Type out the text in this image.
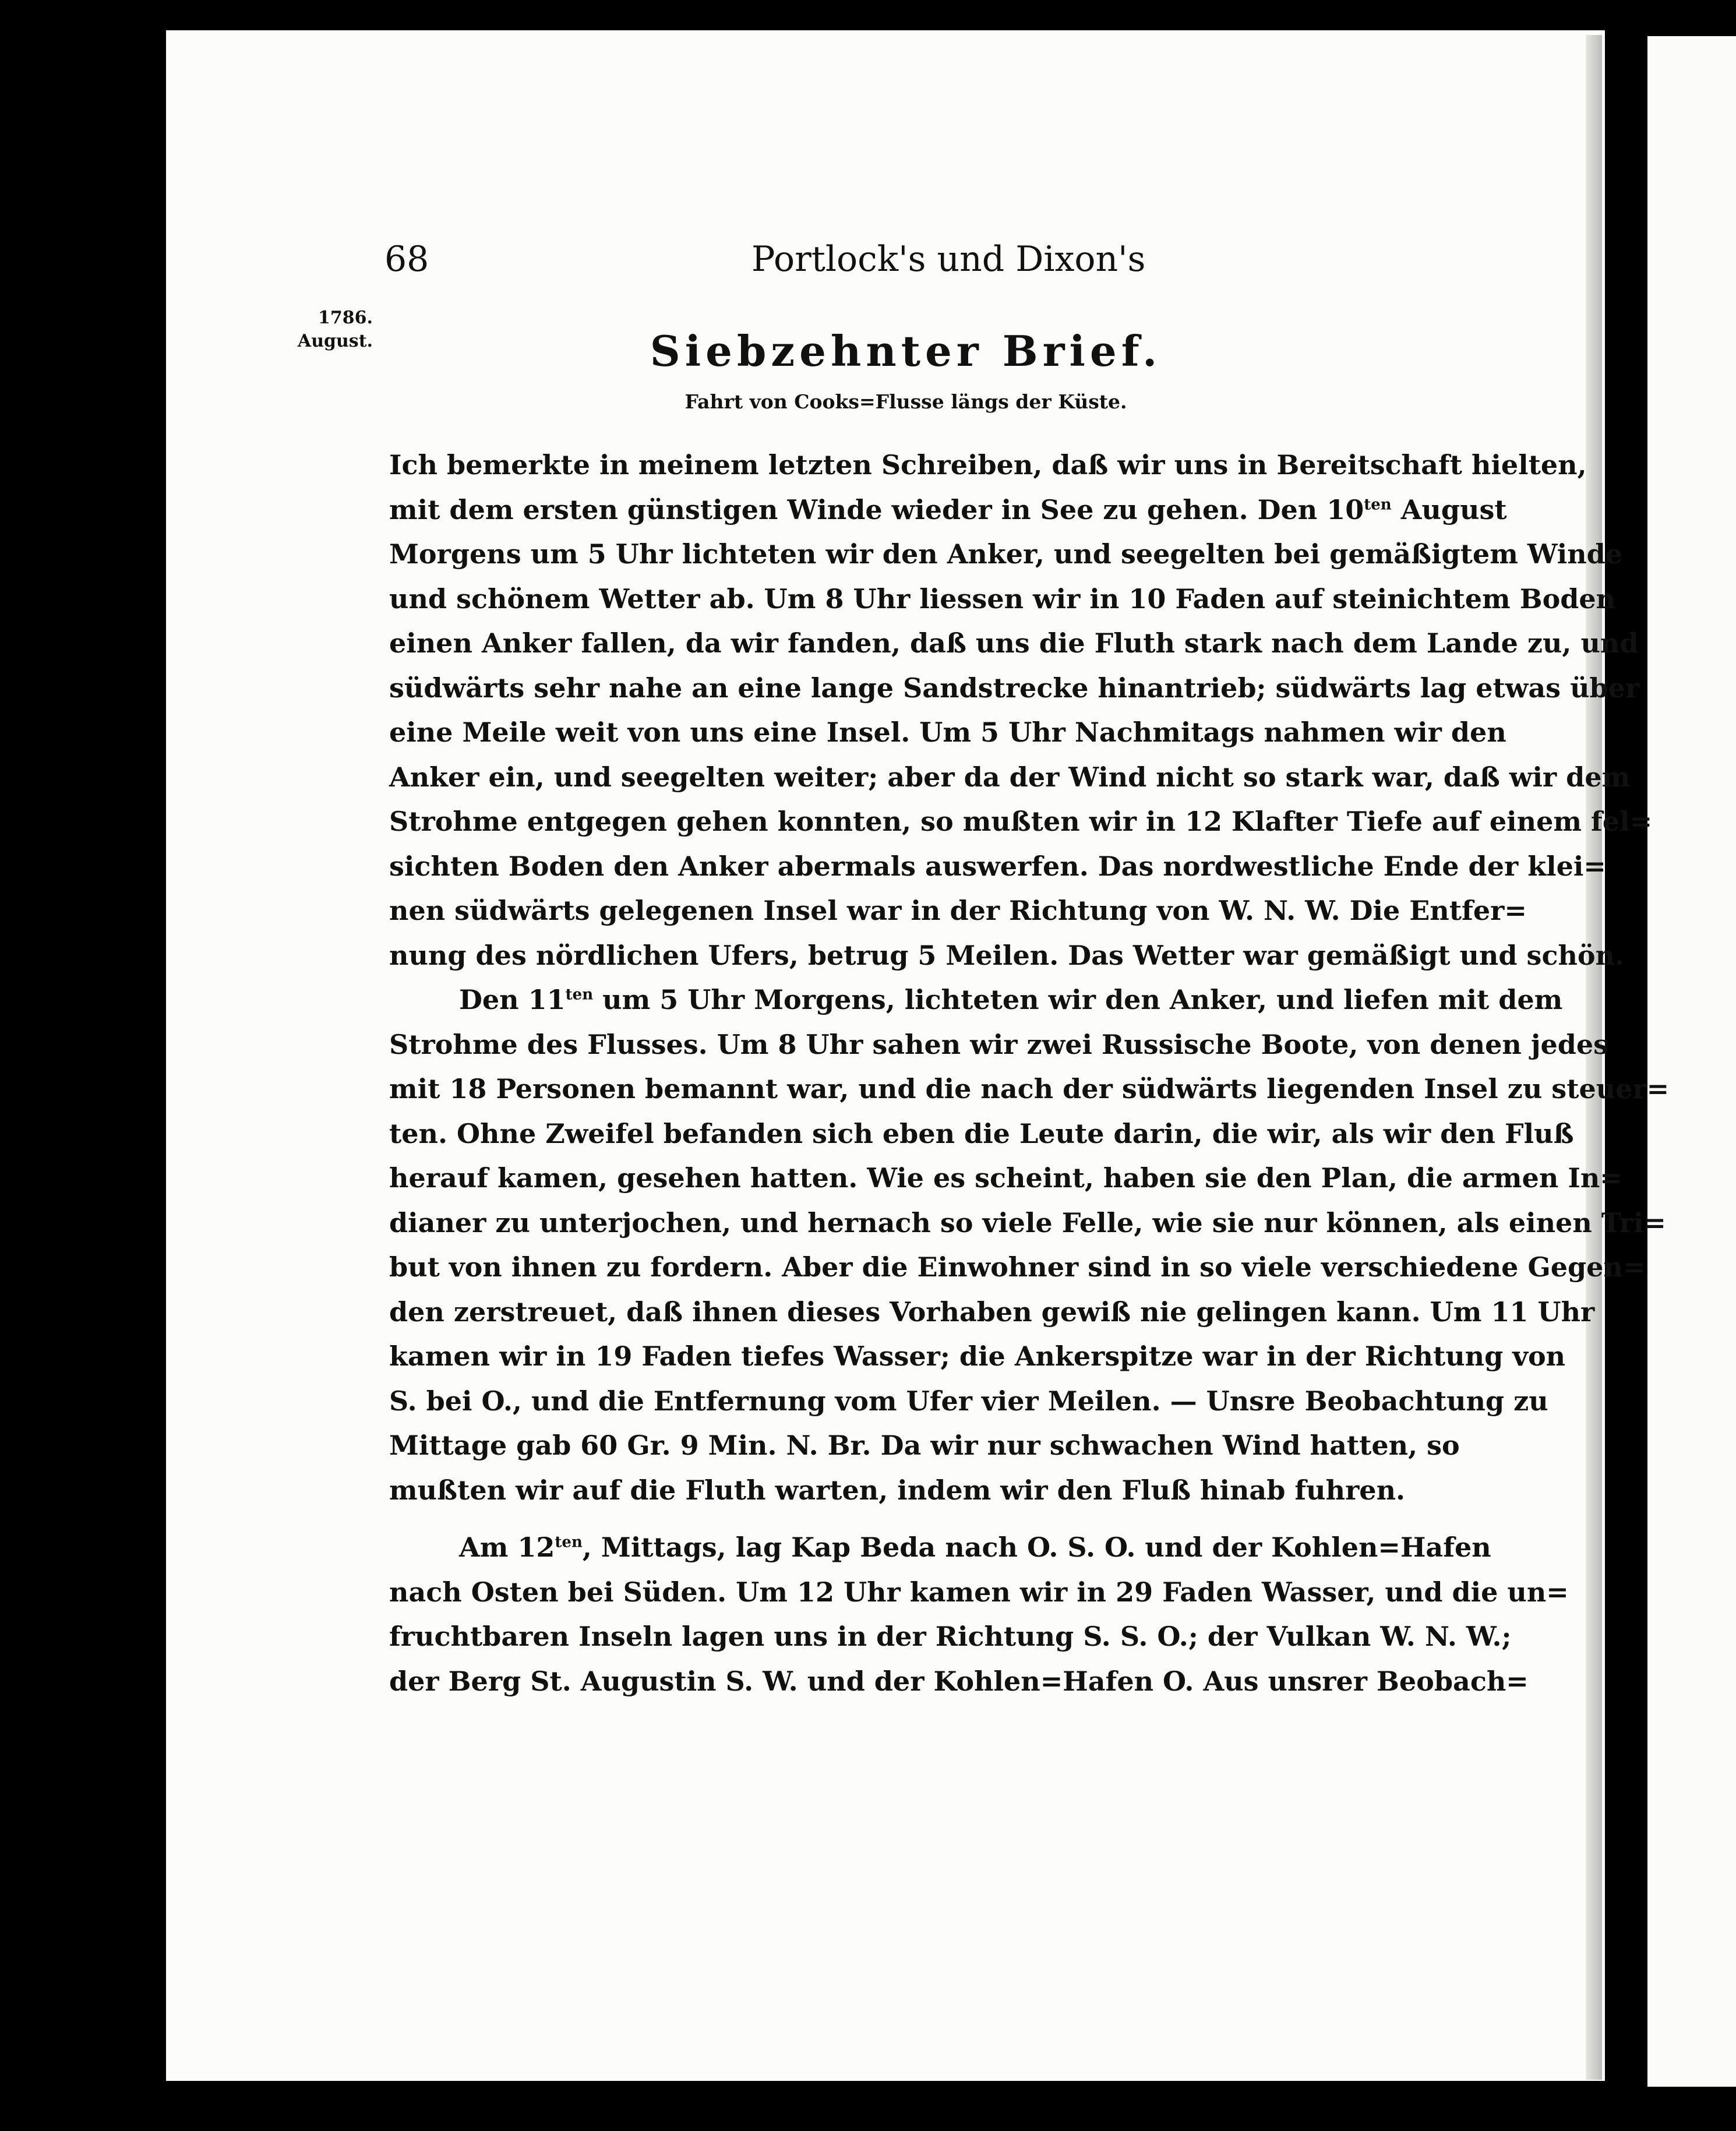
68	Portlock's und Dixon's
1786.
August.	Siebzehnter Brief.
Fahrt von Cooks=Flusse längs der Küste.
Ich bemerkte in meinem letzten Schreiben, daß wir uns in Bereitschaft hielten,
mit dem ersten günstigen Winde wieder in See zu gehen. Den $10^{ten}$ August
Morgens um 5 Uhr lichteten wir den Anker, und seegelten bei gemäßigtem Winde
und schönem Wetter ab. Um 8 Uhr liessen wir in 10 Faden auf steinichtem Boden
einen Anker fallen, da wir fanden, daß uns die Fluth stark nach dem Lande zu, und
südwärts sehr nahe an eine lange Sandstrecke hinantrieb; südwärts lag etwas über
eine Meile weit von uns eine Insel. Um 5 Uhr Nachmitags nahmen wir den
Anker ein, und seegelten weiter; aber da der Wind nicht so stark war, daß wir dem
Strohme entgegen gehen konnten, so mußten wir in 12 Klafter Tiefe auf einem fel=
sichten Boden den Anker abermals auswerfen. Das nordwestliche Ende der klei=
nen südwärts gelegenen Insel war in der Richtung von W. N. W. Die Entfer=
nung des nördlichen Ufers, betrug 5 Meilen. Das Wetter war gemäßigt und schön.
Den $11^{ten}$ um 5 Uhr Morgens, lichteten wir den Anker, und liefen mit dem
Strohme des Flusses. Um 8 Uhr sahen wir zwei Russische Boote, von denen jedes
mit 18 Personen bemannt war, und die nach der südwärts liegenden Insel zu steuer=
ten. Ohne Zweifel befanden sich eben die Leute darin, die wir, als wir den Fluß
herauf kamen, gesehen hatten. Wie es scheint, haben sie den Plan, die armen In=
dianer zu unterjochen, und hernach so viele Felle, wie sie nur können, als einen Tri=
but von ihnen zu fordern. Aber die Einwohner sind in so viele verschiedene Gegen=
den zerstreuet, daß ihnen dieses Vorhaben gewiß nie gelingen kann. Um 11 Uhr
kamen wir in 19 Faden tiefes Wasser; die Ankerspitze war in der Richtung von
S. bei O., und die Entfernung vom Ufer vier Meilen. — Unsre Beobachtung zu
Mittage gab 60 Gr. 9 Min. N. Br. Da wir nur schwachen Wind hatten, so
mußten wir auf die Fluth warten, indem wir den Fluß hinab fuhren.
Am $12^{ten}$, Mittags, lag Kap Beda nach O. S. O. und der Kohlen=Hafen
nach Osten bei Süden. Um 12 Uhr kamen wir in 29 Faden Wasser, und die un=
fruchtbaren Inseln lagen uns in der Richtung S. S. O.; der Vulkan W. N. W.;
der Berg St. Augustin S. W. und der Kohlen=Hafen O. Aus unsrer Beobach=
